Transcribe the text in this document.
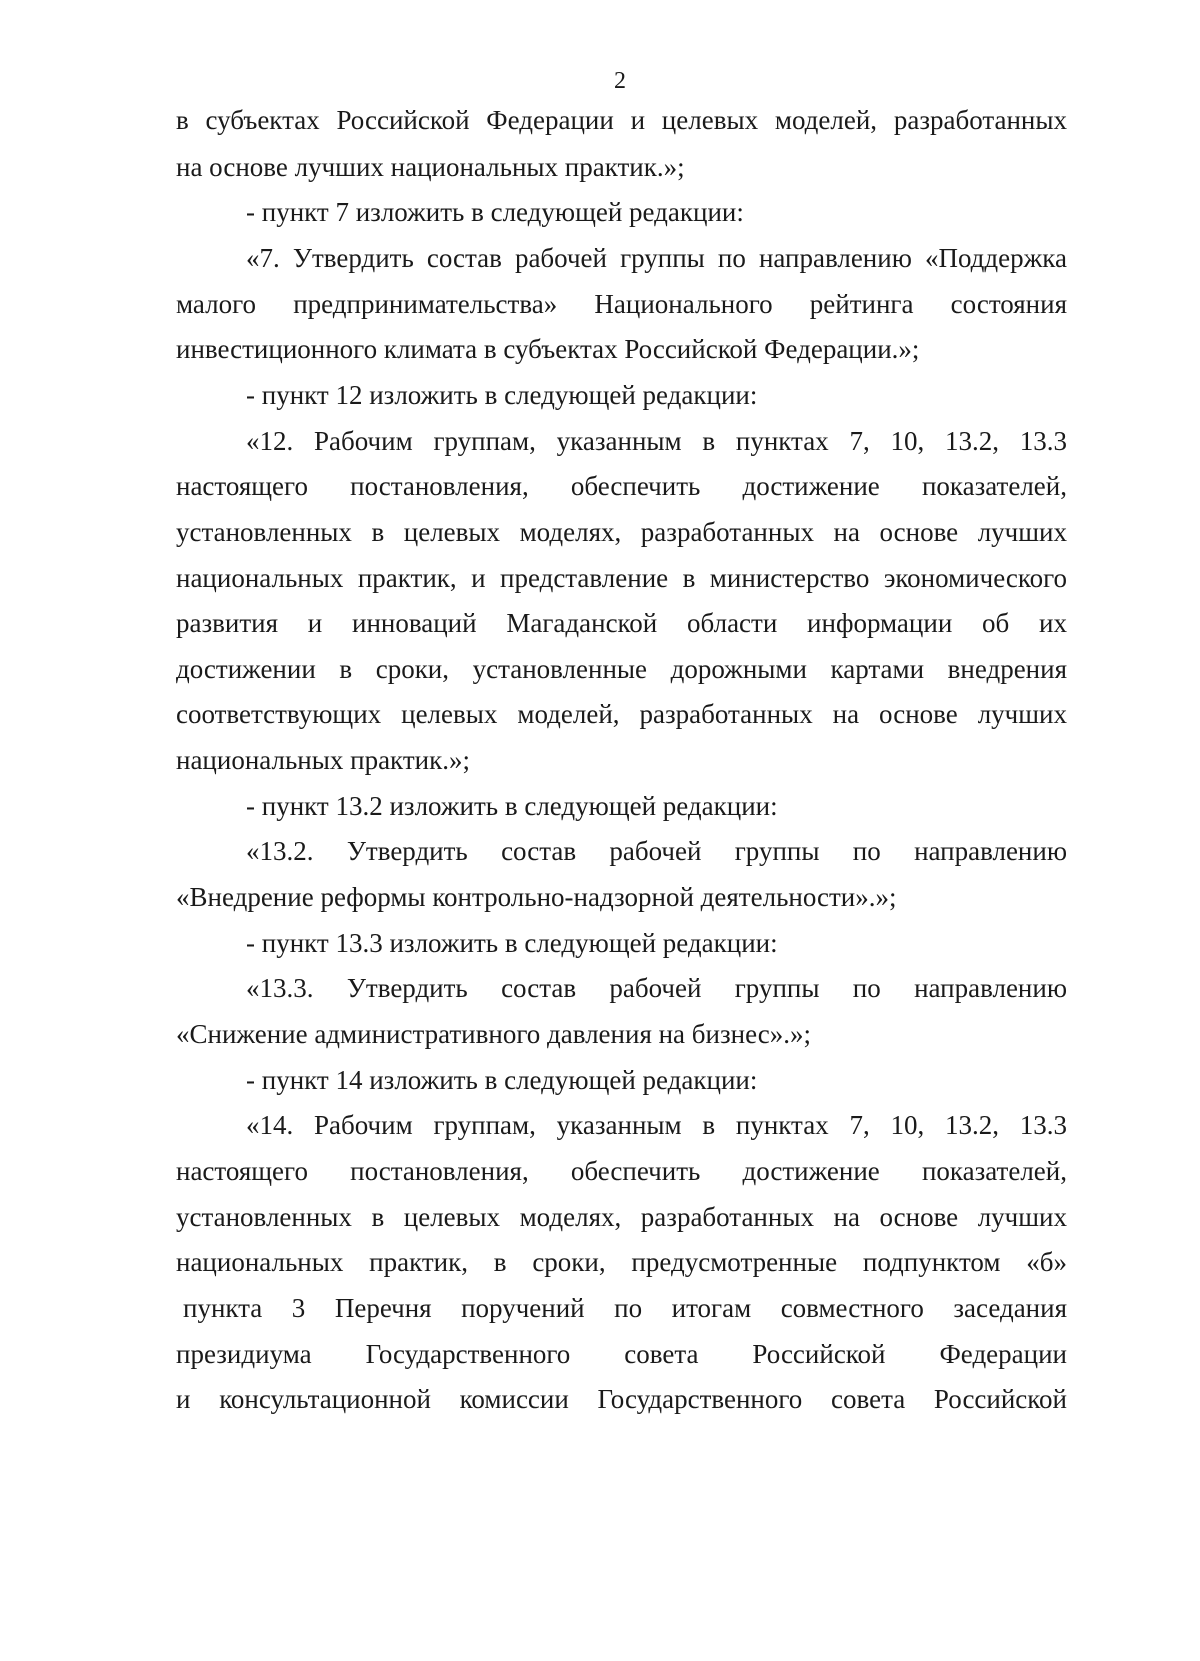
2
в субъектах Российской Федерации и целевых моделей, разработанных
на основе лучших национальных практик.»;
- пункт 7 изложить в следующей редакции:
«7. Утвердить состав рабочей группы по направлению «Поддержка
малого предпринимательства» Национального рейтинга состояния
инвестиционного климата в субъектах Российской Федерации.»;
- пункт 12 изложить в следующей редакции:
«12. Рабочим группам, указанным в пунктах 7, 10, 13.2, 13.3
настоящего постановления, обеспечить достижение показателей,
установленных в целевых моделях, разработанных на основе лучших
национальных практик, и представление в министерство экономического
развития и инноваций Магаданской области информации об их
достижении в сроки, установленные дорожными картами внедрения
соответствующих целевых моделей, разработанных на основе лучших
национальных практик.»;
- пункт 13.2 изложить в следующей редакции:
«13.2. Утвердить состав рабочей группы по направлению
«Внедрение реформы контрольно-надзорной деятельности».»;
- пункт 13.3 изложить в следующей редакции:
«13.3. Утвердить состав рабочей группы по направлению
«Снижение административного давления на бизнес».»;
- пункт 14 изложить в следующей редакции:
«14. Рабочим группам, указанным в пунктах 7, 10, 13.2, 13.3
настоящего постановления, обеспечить достижение показателей,
установленных в целевых моделях, разработанных на основе лучших
национальных практик, в сроки, предусмотренные подпунктом «б»
пункта 3 Перечня поручений по итогам совместного заседания
президиума Государственного совета Российской Федерации
и консультационной комиссии Государственного совета Российской
